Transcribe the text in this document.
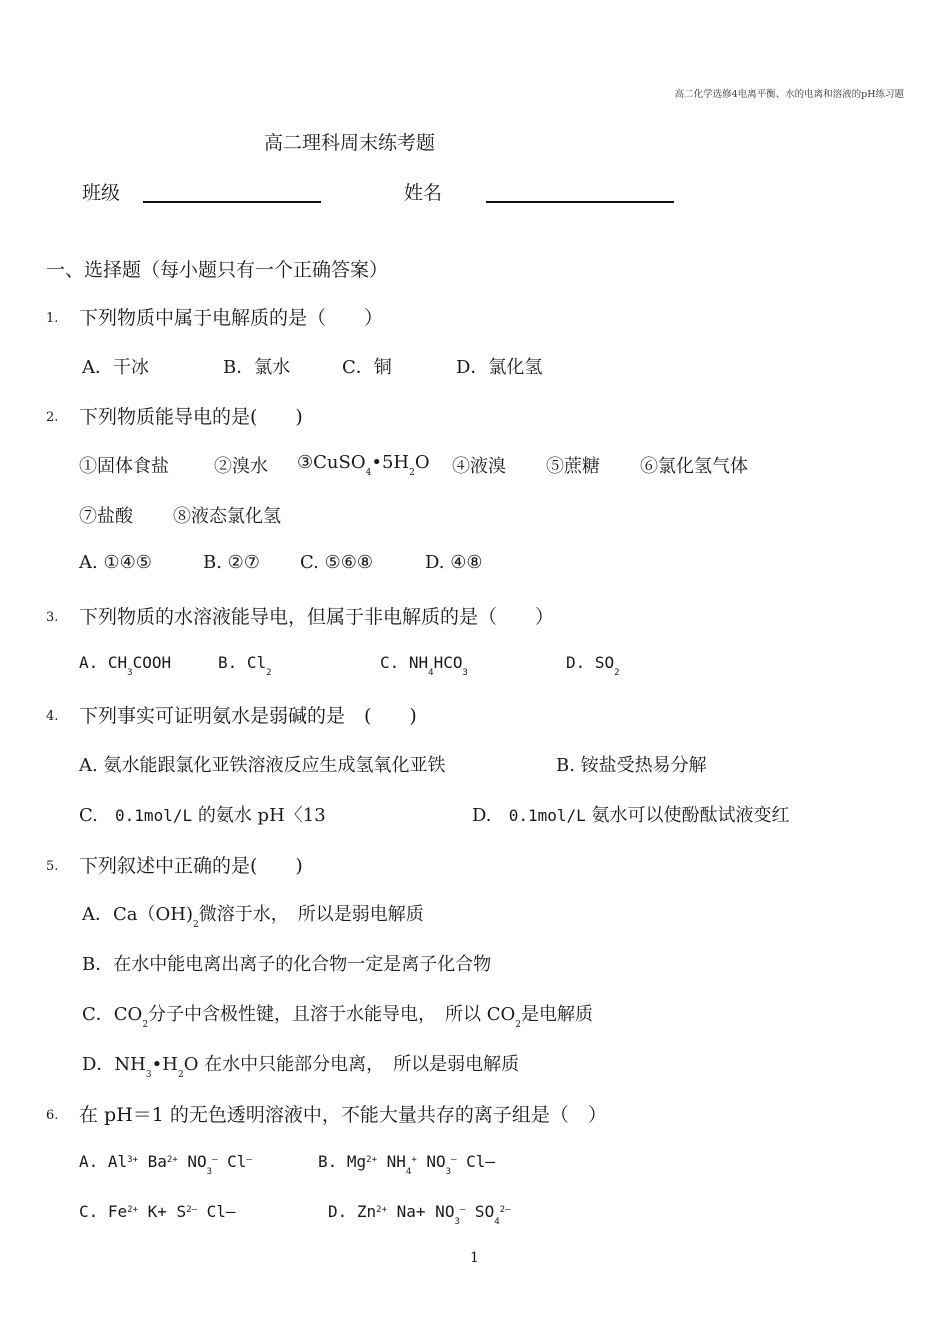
高二化学选修4电离平衡、水的电离和溶液的pH练习题
高二理科周末练考题
班级	姓名
一、选择题（每小题只有一个正确答案）
1. 下列物质中属于电解质的是（　　）
A．干冰	B．氯水	C．铜	D．氯化氢
2. 下列物质能导电的是(　　)
①固体食盐	②溴水 $③CuSO_4•5H_2O$ ④液溴 ⑤蔗糖 ⑥氯化氢气体
⑦盐酸 ⑧液态氯化氢
A. ①④⑤	B. ②⑦ C. ⑤⑥⑧	D. ④⑧
3. 下列物质的水溶液能导电，但属于非电解质的是（　　）
A. $CH_3COOH$	B. $Cl_2$
C. $NH_4HCO_3$
D. $SO_2$
4. 下列事实可证明氨水是弱碱的是　(　　)
A. 氨水能跟氯化亚铁溶液反应生成氢氧化亚铁	B. 铵盐受热易分解
C. 0.1mol/L 的氨水 pH〈13	D. 0.1mol/L 氨水可以使酚酞试液变红
5. 下列叙述中正确的是(　　)
A．$Ca(OH)_2$微溶于水，　所以是弱电解质
B．在水中能电离出离子的化合物一定是离子化合物
C．$CO_2$分子中含极性键，且溶于水能导电，　所以 $CO_2$是电解质
D．$NH_3•H_2O$ 在水中只能部分电离，　所以是弱电解质
6. 在 pH＝1 的无色透明溶液中，不能大量共存的离子组是（　）
A. $Al^{3+}$ $Ba^{2+}$ $NO_3^-$ Cl–	B. $Mg^{2+}$ $NH_4^+$ $NO_3^-$ Cl–
C. $Fe^{2+}$ $K+ S^{2-}$ Cl–	D. $Zn^{2+}$ $Na+ NO_3^-$ $SO_4^{2-}$
1
